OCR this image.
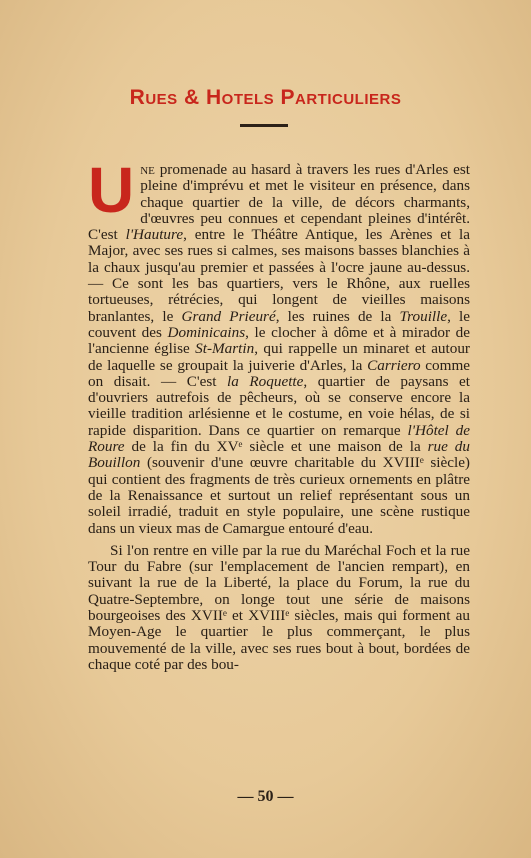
Rues & Hotels Particuliers

Une promenade au hasard à travers les rues d'Arles est pleine d'imprévu et met le visiteur en présence, dans chaque quartier de la ville, de décors charmants, d'œuvres peu connues et cependant pleines d'intérêt. C'est l'Hauture, entre le Théâtre Antique, les Arènes et la Major, avec ses rues si calmes, ses maisons basses blanchies à la chaux jusqu'au premier et passées à l'ocre jaune au-dessus. — Ce sont les bas quartiers, vers le Rhône, aux ruelles tortueuses, rétrécies, qui longent de vieilles maisons branlantes, le Grand Prieuré, les ruines de la Trouille, le couvent des Dominicains, le clocher à dôme et à mirador de l'ancienne église St-Martin, qui rappelle un minaret et autour de laquelle se groupait la juiverie d'Arles, la Carriero comme on disait. — C'est la Roquette, quartier de paysans et d'ouvriers autrefois de pêcheurs, où se conserve encore la vieille tradition arlésienne et le costume, en voie hélas, de si rapide disparition. Dans ce quartier on remarque l'Hôtel de Roure de la fin du XVᵉ siècle et une maison de la rue du Bouillon (souvenir d'une œuvre charitable du XVIIIᵉ siècle) qui contient des fragments de très curieux ornements en plâtre de la Renaissance et surtout un relief représentant sous un soleil irradié, traduit en style populaire, une scène rustique dans un vieux mas de Camargue entouré d'eau.

Si l'on rentre en ville par la rue du Maréchal Foch et la rue Tour du Fabre (sur l'emplacement de l'ancien rempart), en suivant la rue de la Liberté, la place du Forum, la rue du Quatre-Septembre, on longe tout une série de maisons bourgeoises des XVIIᵉ et XVIIIᵉ siècles, mais qui forment au Moyen-Age le quartier le plus commerçant, le plus mouvementé de la ville, avec ses rues bout à bout, bordées de chaque coté par des bou-

— 50 —
